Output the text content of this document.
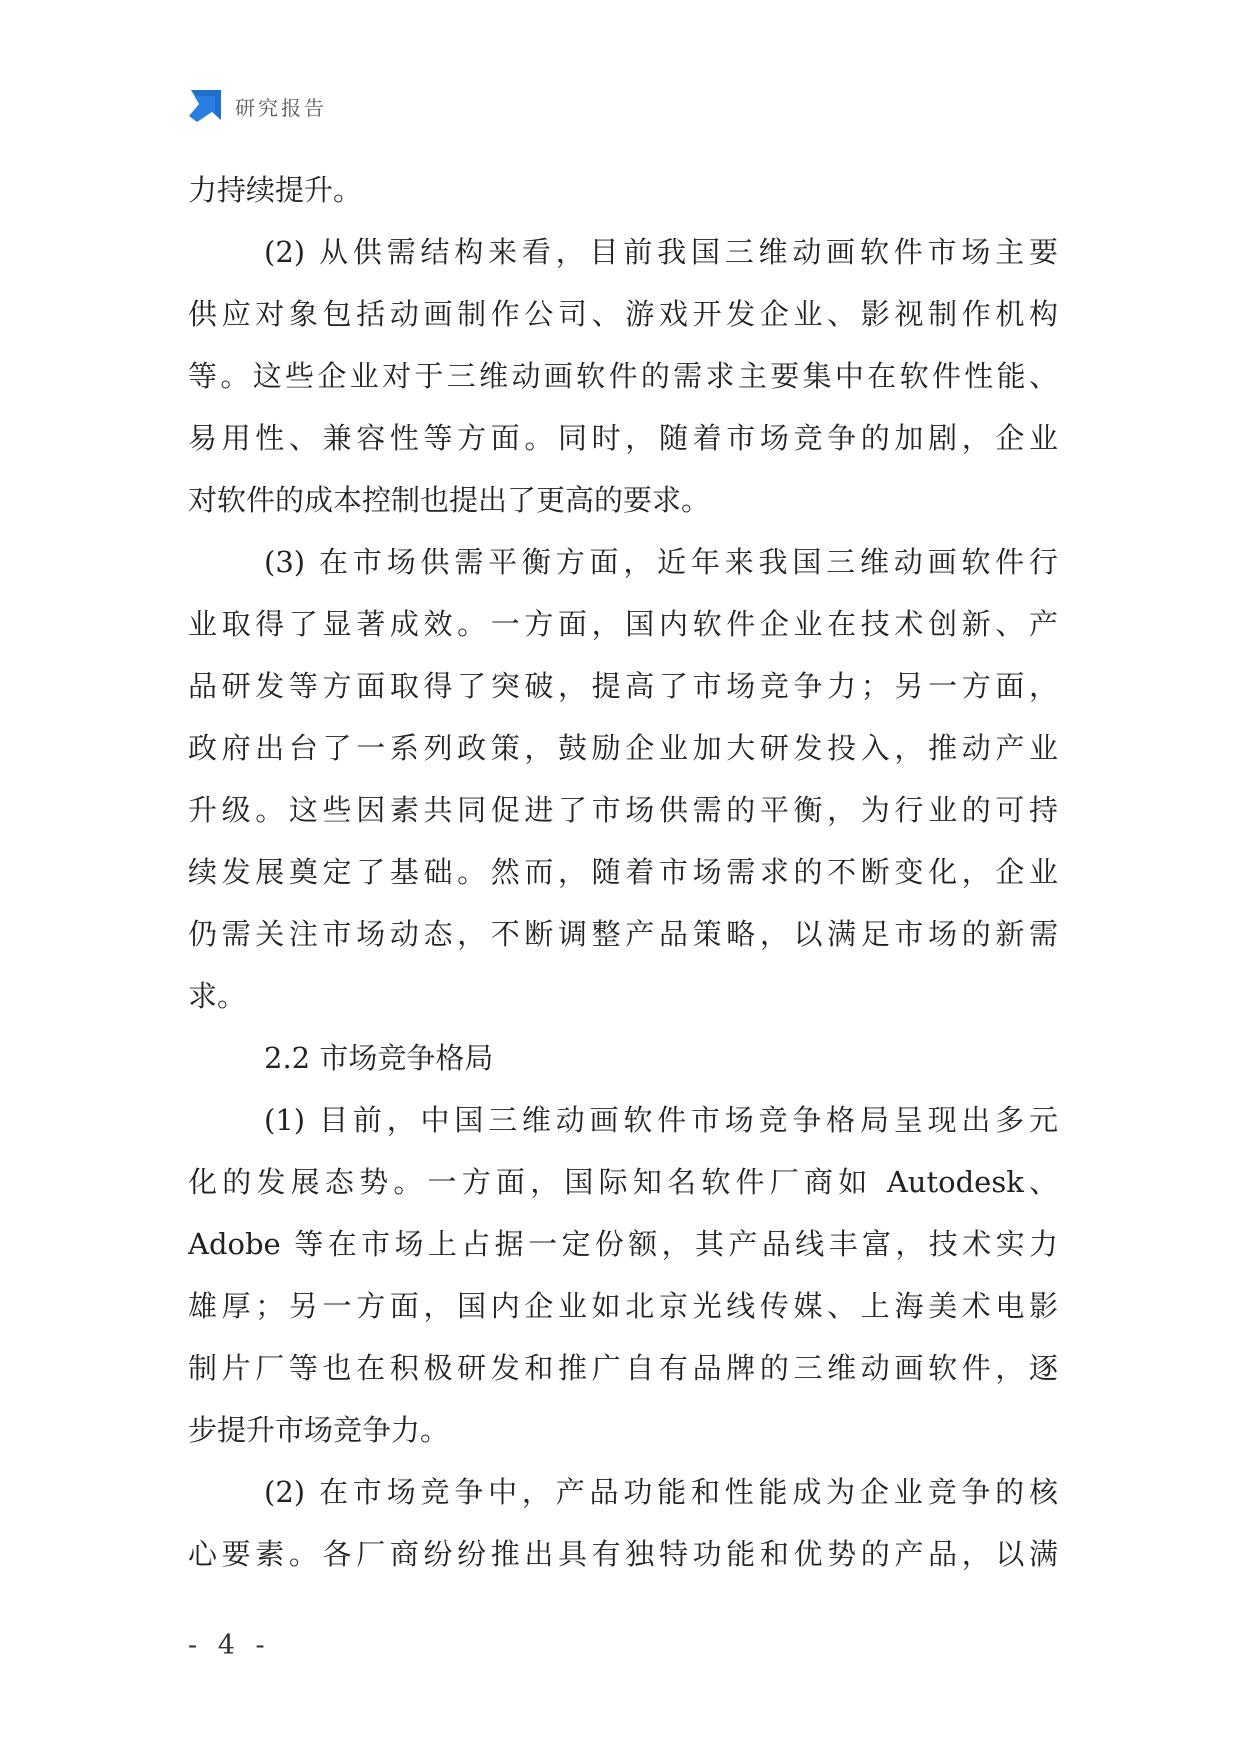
研究报告
力持续提升。
(2) 从供需结构来看，目前我国三维动画软件市场主要
供应对象包括动画制作公司、游戏开发企业、影视制作机构
等。这些企业对于三维动画软件的需求主要集中在软件性能、
易用性、兼容性等方面。同时，随着市场竞争的加剧，企业
对软件的成本控制也提出了更高的要求。
(3) 在市场供需平衡方面，近年来我国三维动画软件行
业取得了显著成效。一方面，国内软件企业在技术创新、产
品研发等方面取得了突破，提高了市场竞争力；另一方面，
政府出台了一系列政策，鼓励企业加大研发投入，推动产业
升级。这些因素共同促进了市场供需的平衡，为行业的可持
续发展奠定了基础。然而，随着市场需求的不断变化，企业
仍需关注市场动态，不断调整产品策略，以满足市场的新需
求。
2.2 市场竞争格局
(1) 目前，中国三维动画软件市场竞争格局呈现出多元
化的发展态势。一方面，国际知名软件厂商如 Autodesk、
Adobe 等在市场上占据一定份额，其产品线丰富，技术实力
雄厚；另一方面，国内企业如北京光线传媒、上海美术电影
制片厂等也在积极研发和推广自有品牌的三维动画软件，逐
步提升市场竞争力。
(2) 在市场竞争中，产品功能和性能成为企业竞争的核
心要素。各厂商纷纷推出具有独特功能和优势的产品，以满
- 4 -
